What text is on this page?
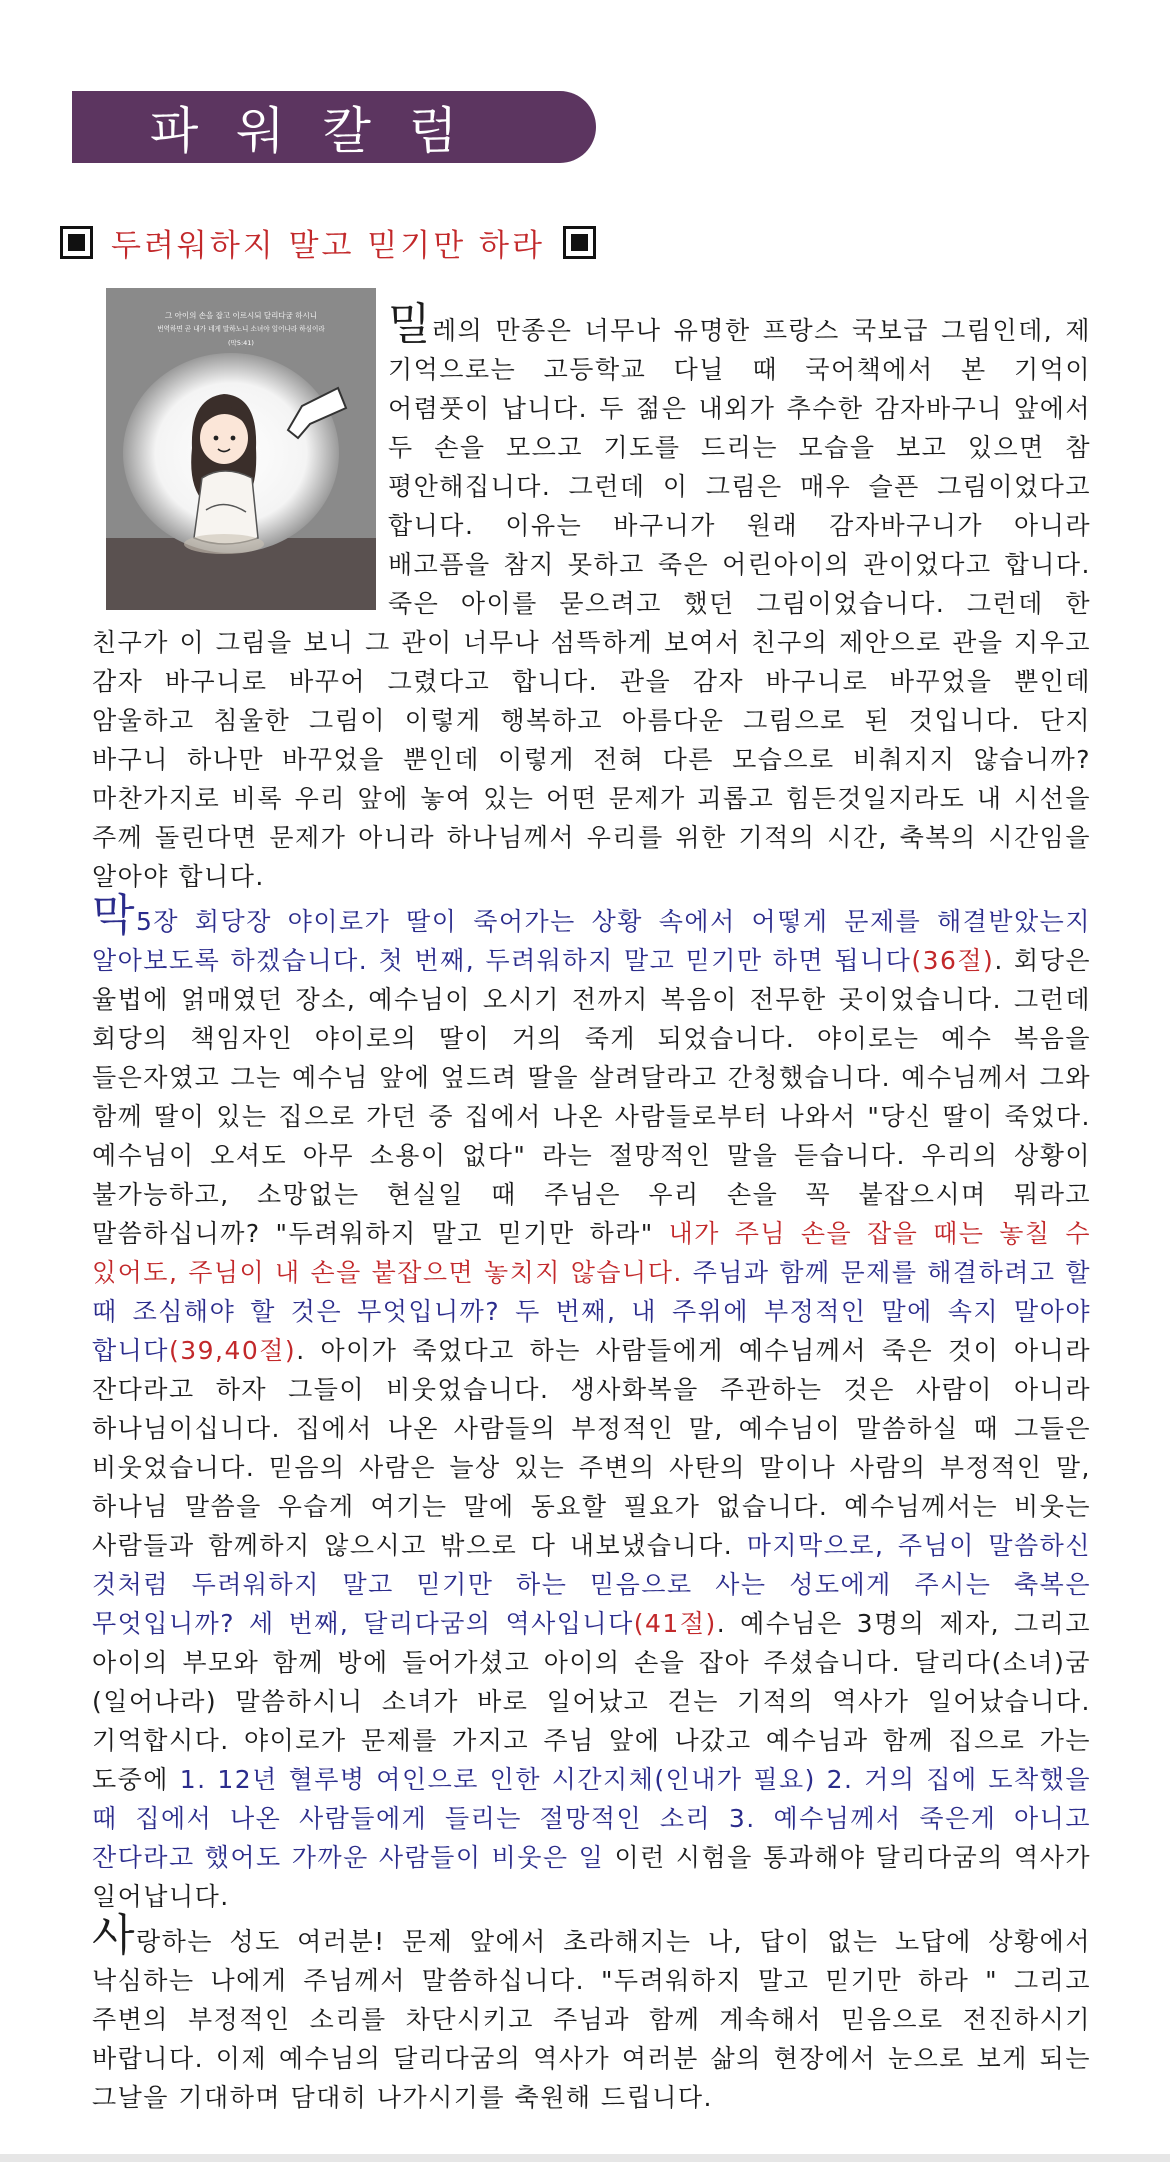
파워칼럼
두려워하지 말고 믿기만 하라
그 아이의 손을 잡고 이르시되 달리다굼 하시니
번역하면 곧 내가 네게 말하노니 소녀야 일어나라 하심이라
(막5:41)	밀레의 만종은 너무나 유명한 프랑스 국보급 그림인데, 제 기억으로는 고등학교 다닐 때 국어책에서 본 기억이 어렴풋이 납니다. 두 젊은 내외가 추수한 감자바구니 앞에서 두 손을 모으고 기도를 드리는 모습을 보고 있으면 참 평안해집니다. 그런데 이 그림은 매우 슬픈 그림이었다고 합니다. 이유는 바구니가 원래 감자바구니가 아니라 배고픔을 참지 못하고 죽은 어린아이의 관이었다고 합니다. 죽은 아이를 묻으려고 했던 그림이었습니다. 그런데 한 친구가 이 그림을 보니 그 관이 너무나 섬뜩하게 보여서 친구의 제안으로 관을 지우고 감자 바구니로 바꾸어 그렸다고 합니다. 관을 감자 바구니로 바꾸었을 뿐인데 암울하고 침울한 그림이 이렇게 행복하고 아름다운 그림으로 된 것입니다. 단지 바구니 하나만 바꾸었을 뿐인데 이렇게 전혀 다른 모습으로 비춰지지 않습니까? 마찬가지로 비록 우리 앞에 놓여 있는 어떤 문제가 괴롭고 힘든것일지라도 내 시선을 주께 돌린다면 문제가 아니라 하나님께서 우리를 위한 기적의 시간, 축복의 시간임을 알아야 합니다.

막5장 회당장 야이로가 딸이 죽어가는 상황 속에서 어떻게 문제를 해결받았는지 알아보도록 하겠습니다. 첫 번째, 두려워하지 말고 믿기만 하면 됩니다(36절). 회당은 율법에 얽매였던 장소, 예수님이 오시기 전까지 복음이 전무한 곳이었습니다. 그런데 회당의 책임자인 야이로의 딸이 거의 죽게 되었습니다. 야이로는 예수 복음을 들은자였고 그는 예수님 앞에 엎드려 딸을 살려달라고 간청했습니다. 예수님께서 그와 함께 딸이 있는 집으로 가던 중 집에서 나온 사람들로부터 나와서 "당신 딸이 죽었다. 예수님이 오셔도 아무 소용이 없다" 라는 절망적인 말을 듣습니다. 우리의 상황이 불가능하고, 소망없는 현실일 때 주님은 우리 손을 꼭 붙잡으시며 뭐라고 말씀하십니까? "두려워하지 말고 믿기만 하라" 내가 주님 손을 잡을 때는 놓칠 수 있어도, 주님이 내 손을 붙잡으면 놓치지 않습니다. 주님과 함께 문제를 해결하려고 할 때 조심해야 할 것은 무엇입니까? 두 번째, 내 주위에 부정적인 말에 속지 말아야 합니다(39,40절). 아이가 죽었다고 하는 사람들에게 예수님께서 죽은 것이 아니라 잔다라고 하자 그들이 비웃었습니다. 생사화복을 주관하는 것은 사람이 아니라 하나님이십니다. 집에서 나온 사람들의 부정적인 말, 예수님이 말씀하실 때 그들은 비웃었습니다. 믿음의 사람은 늘상 있는 주변의 사탄의 말이나 사람의 부정적인 말, 하나님 말씀을 우습게 여기는 말에 동요할 필요가 없습니다. 예수님께서는 비웃는 사람들과 함께하지 않으시고 밖으로 다 내보냈습니다. 마지막으로, 주님이 말씀하신 것처럼 두려워하지 말고 믿기만 하는 믿음으로 사는 성도에게 주시는 축복은 무엇입니까? 세 번째, 달리다굼의 역사입니다(41절). 예수님은 3명의 제자, 그리고 아이의 부모와 함께 방에 들어가셨고 아이의 손을 잡아 주셨습니다. 달리다(소녀)굼(일어나라) 말씀하시니 소녀가 바로 일어났고 걷는 기적의 역사가 일어났습니다. 기억합시다. 야이로가 문제를 가지고 주님 앞에 나갔고 예수님과 함께 집으로 가는 도중에 1. 12년 혈루병 여인으로 인한 시간지체(인내가 필요) 2. 거의 집에 도착했을 때 집에서 나온 사람들에게 들리는 절망적인 소리 3. 예수님께서 죽은게 아니고 잔다라고 했어도 가까운 사람들이 비웃은 일 이런 시험을 통과해야 달리다굼의 역사가 일어납니다.

사랑하는 성도 여러분! 문제 앞에서 초라해지는 나, 답이 없는 노답에 상황에서 낙심하는 나에게 주님께서 말씀하십니다. "두려워하지 말고 믿기만 하라 " 그리고 주변의 부정적인 소리를 차단시키고 주님과 함께 계속해서 믿음으로 전진하시기 바랍니다. 이제 예수님의 달리다굼의 역사가 여러분 삶의 현장에서 눈으로 보게 되는 그날을 기대하며 담대히 나가시기를 축원해 드립니다.
